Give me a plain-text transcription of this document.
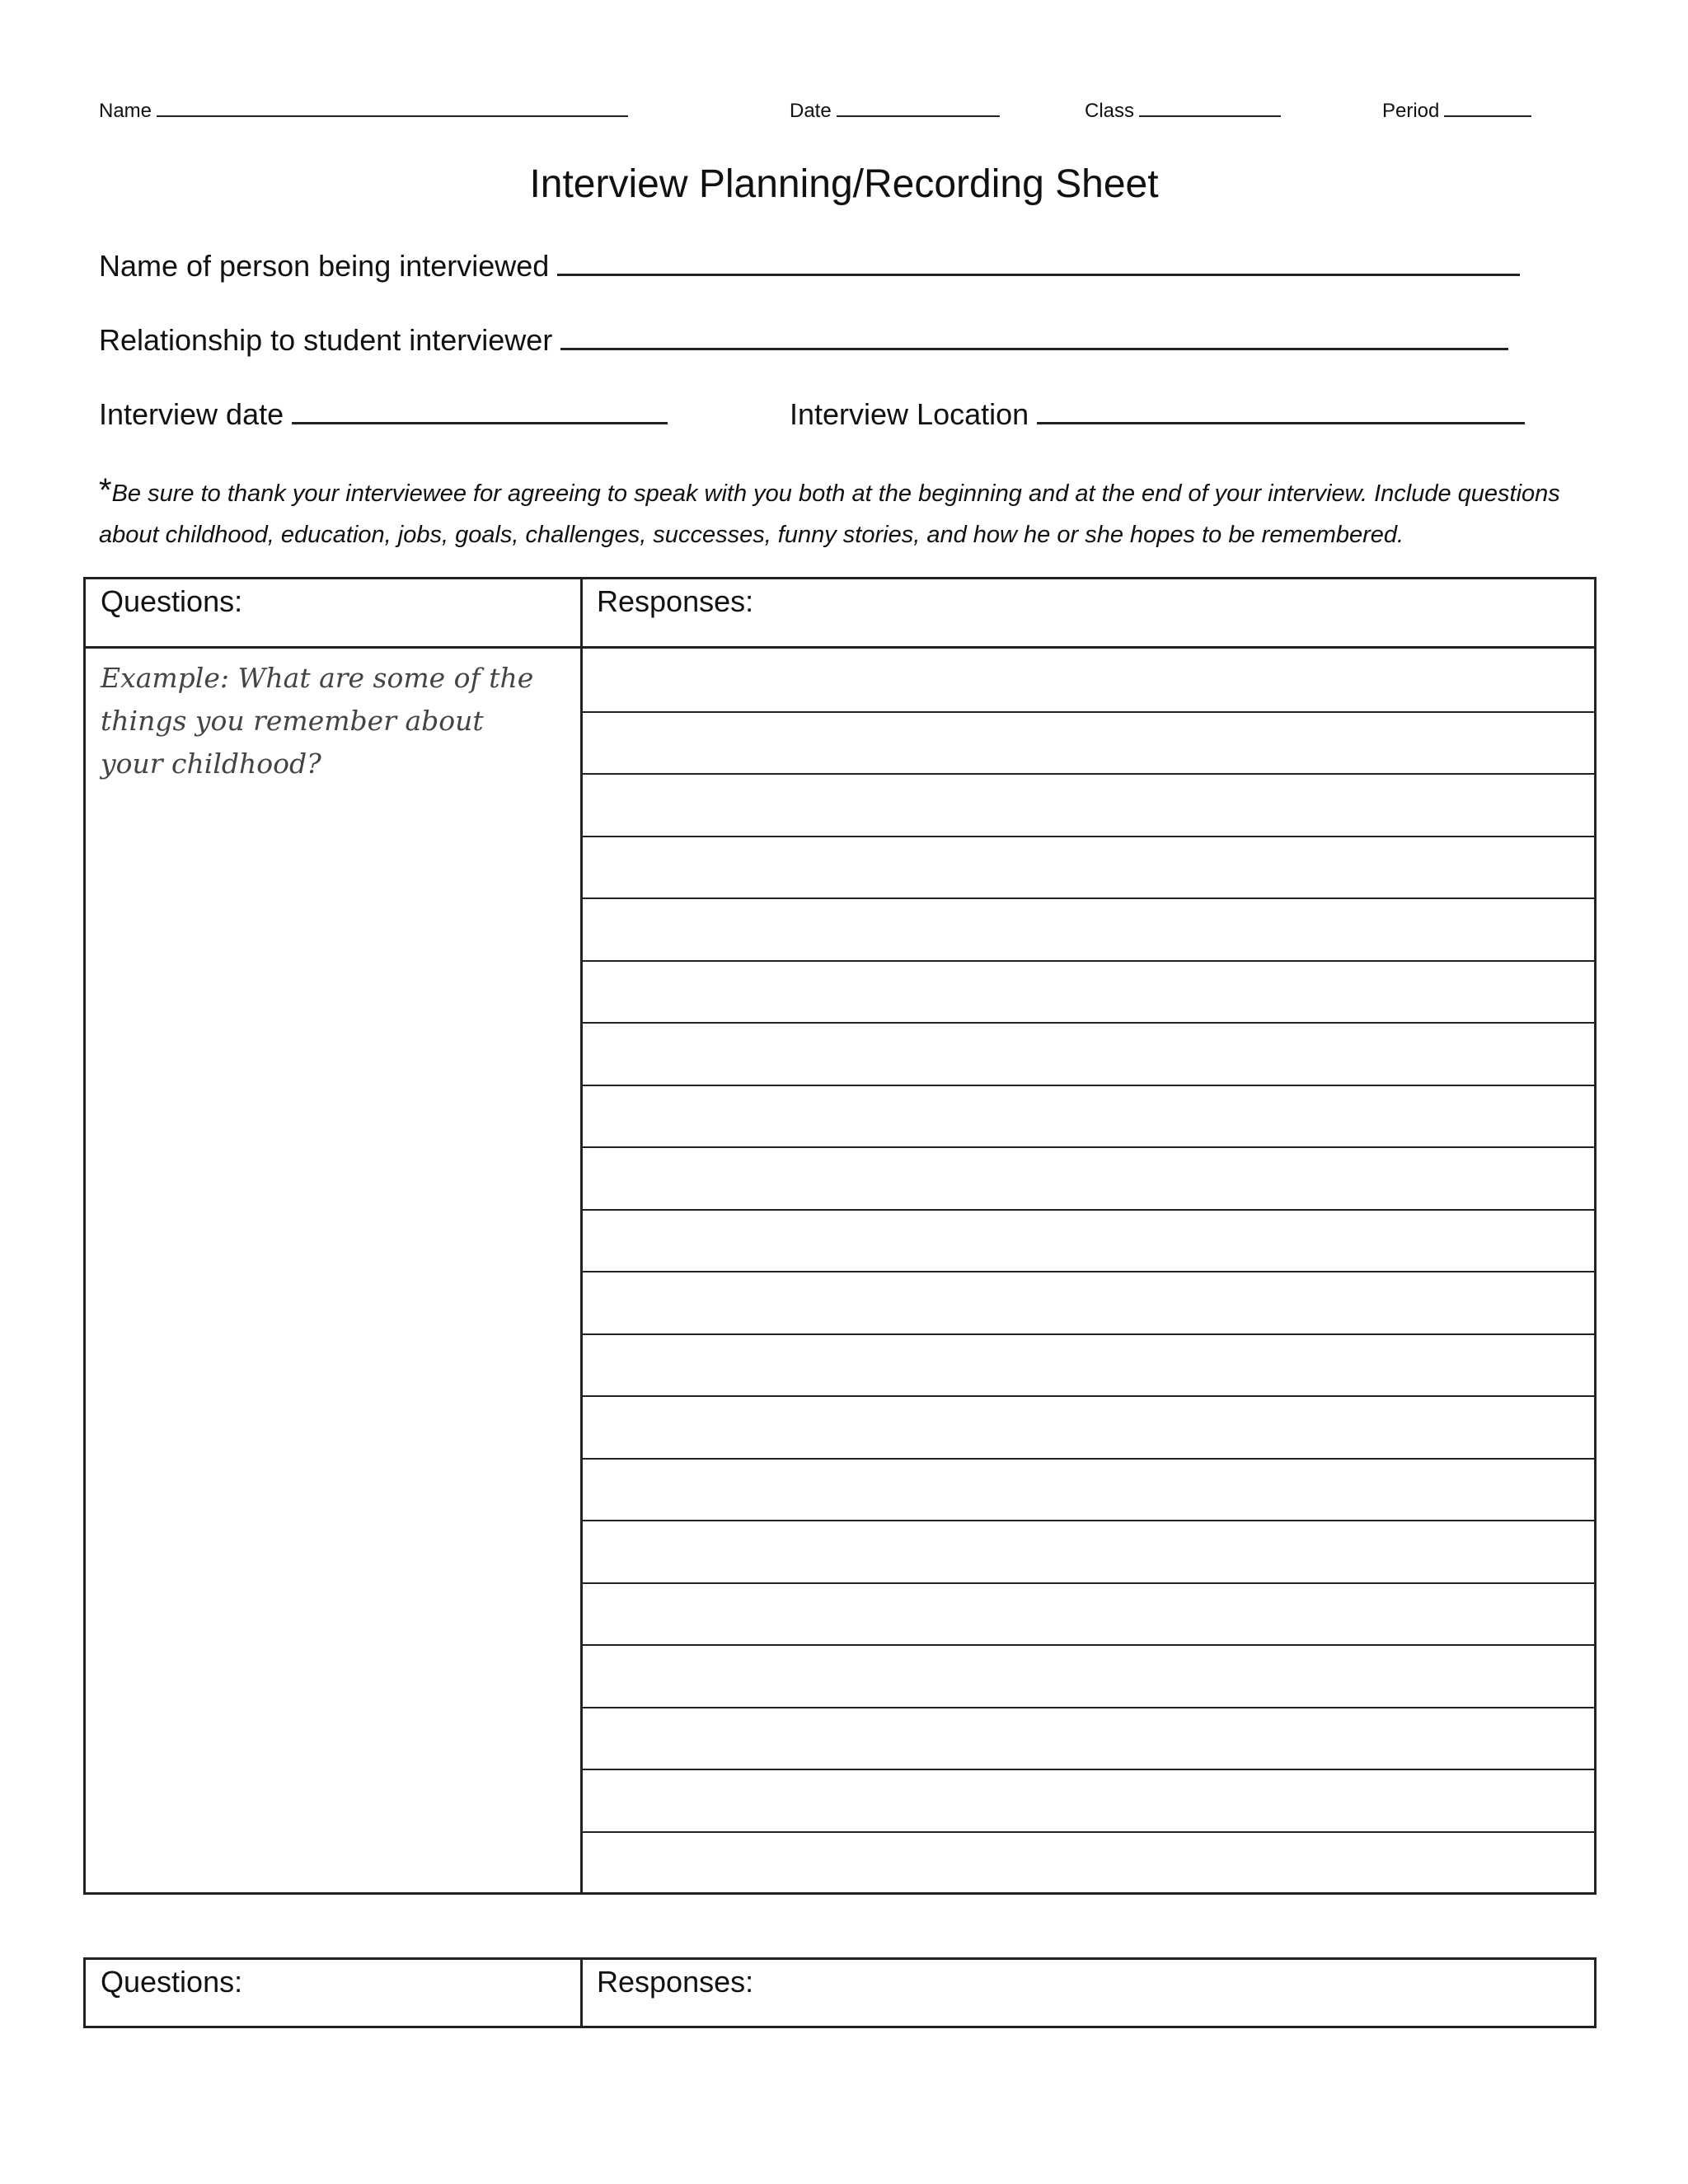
Name	Date	Class	Period
Interview Planning/Recording Sheet
Name of person being interviewed
Relationship to student interviewer
Interview date	Interview Location
*Be sure to thank your interviewee for agreeing to speak with you both at the beginning and at the end of your interview. Include questions about childhood, education, jobs, goals, challenges, successes, funny stories, and how he or she hopes to be remembered.
Questions:	Responses:
Example: What are some of the things you remember about your childhood?
Questions:	Responses:
